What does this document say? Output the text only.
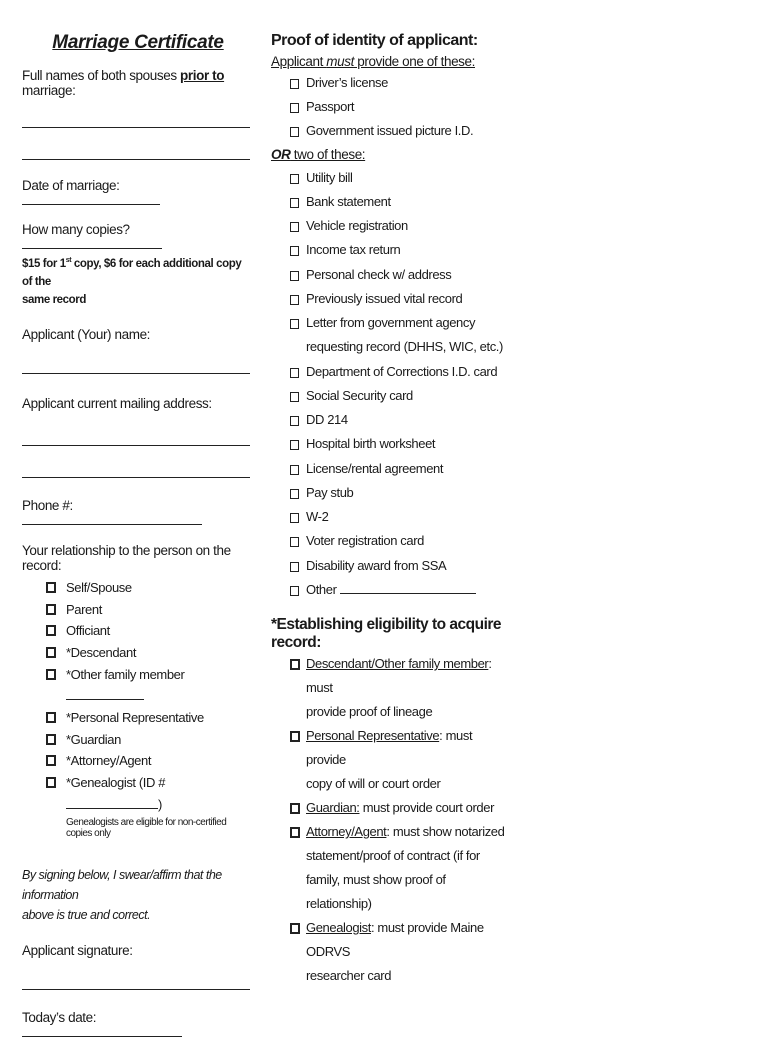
Marriage Certificate
Full names of both spouses prior to marriage:
Date of marriage:
How many copies?
$15 for 1st copy, $6 for each additional copy of the
same record
Applicant (Your) name:
Applicant current mailing address:
Phone #:
Your relationship to the person on the record:
Self/Spouse
Parent
Officiant
*Descendant
*Other family member
*Personal Representative
*Guardian
*Attorney/Agent
*Genealogist (ID # )
Genealogists are eligible for non-certified copies only
By signing below, I swear/affirm that the information
above is true and correct.
Applicant signature:
Today’s date:
Proof of identity of applicant:
Applicant must provide one of these:
Driver’s license
Passport
Government issued picture I.D.
OR two of these:
Utility bill
Bank statement
Vehicle registration
Income tax return
Personal check w/ address
Previously issued vital record
Letter from government agency
requesting record (DHHS, WIC, etc.)
Department of Corrections I.D. card
Social Security card
DD 214
Hospital birth worksheet
License/rental agreement
Pay stub
W-2
Voter registration card
Disability award from SSA
Other
*Establishing eligibility to acquire record:
Descendant/Other family member: must
provide proof of lineage
Personal Representative: must provide
copy of will or court order
Guardian: must provide court order
Attorney/Agent: must show notarized
statement/proof of contract (if for
family, must show proof of relationship)
Genealogist: must provide Maine ODRVS
researcher card
